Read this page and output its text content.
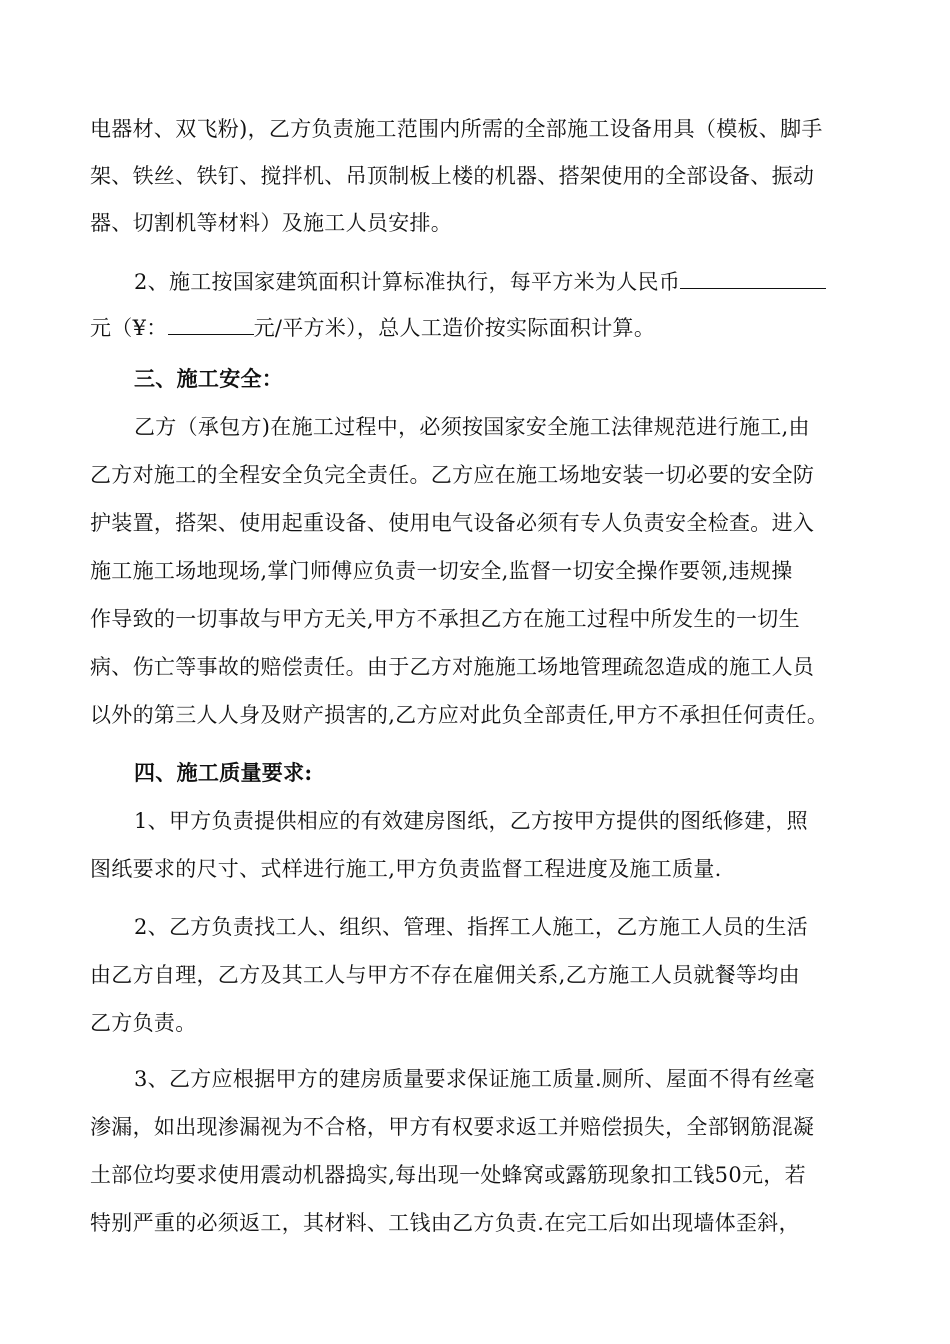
电器材、双飞粉)，乙方负责施工范围内所需的全部施工设备用具（模板、脚手
架、铁丝、铁钉、搅拌机、吊顶制板上楼的机器、搭架使用的全部设备、振动
器、切割机等材料）及施工人员安排。
2、施工按国家建筑面积计算标准执行，每平方米为人民币
元（¥：	元/平方米），总人工造价按实际面积计算。
三、施工安全：
乙方（承包方)在施工过程中，必须按国家安全施工法律规范进行施工,由
乙方对施工的全程安全负完全责任。乙方应在施工场地安装一切必要的安全防
护装置，搭架、使用起重设备、使用电气设备必须有专人负责安全检查。进入
施工施工场地现场,掌门师傅应负责一切安全,监督一切安全操作要领,违规操
作导致的一切事故与甲方无关,甲方不承担乙方在施工过程中所发生的一切生
病、伤亡等事故的赔偿责任。由于乙方对施施工场地管理疏忽造成的施工人员
以外的第三人人身及财产损害的,乙方应对此负全部责任,甲方不承担任何责任。
四、施工质量要求:
1、甲方负责提供相应的有效建房图纸，乙方按甲方提供的图纸修建，照
图纸要求的尺寸、式样进行施工,甲方负责监督工程进度及施工质量.
2、乙方负责找工人、组织、管理、指挥工人施工，乙方施工人员的生活
由乙方自理，乙方及其工人与甲方不存在雇佣关系,乙方施工人员就餐等均由
乙方负责。
3、乙方应根据甲方的建房质量要求保证施工质量.厕所、屋面不得有丝毫
渗漏，如出现渗漏视为不合格，甲方有权要求返工并赔偿损失，全部钢筋混凝
土部位均要求使用震动机器捣实,每出现一处蜂窝或露筋现象扣工钱50元，若
特别严重的必须返工，其材料、工钱由乙方负责.在完工后如出现墙体歪斜，
